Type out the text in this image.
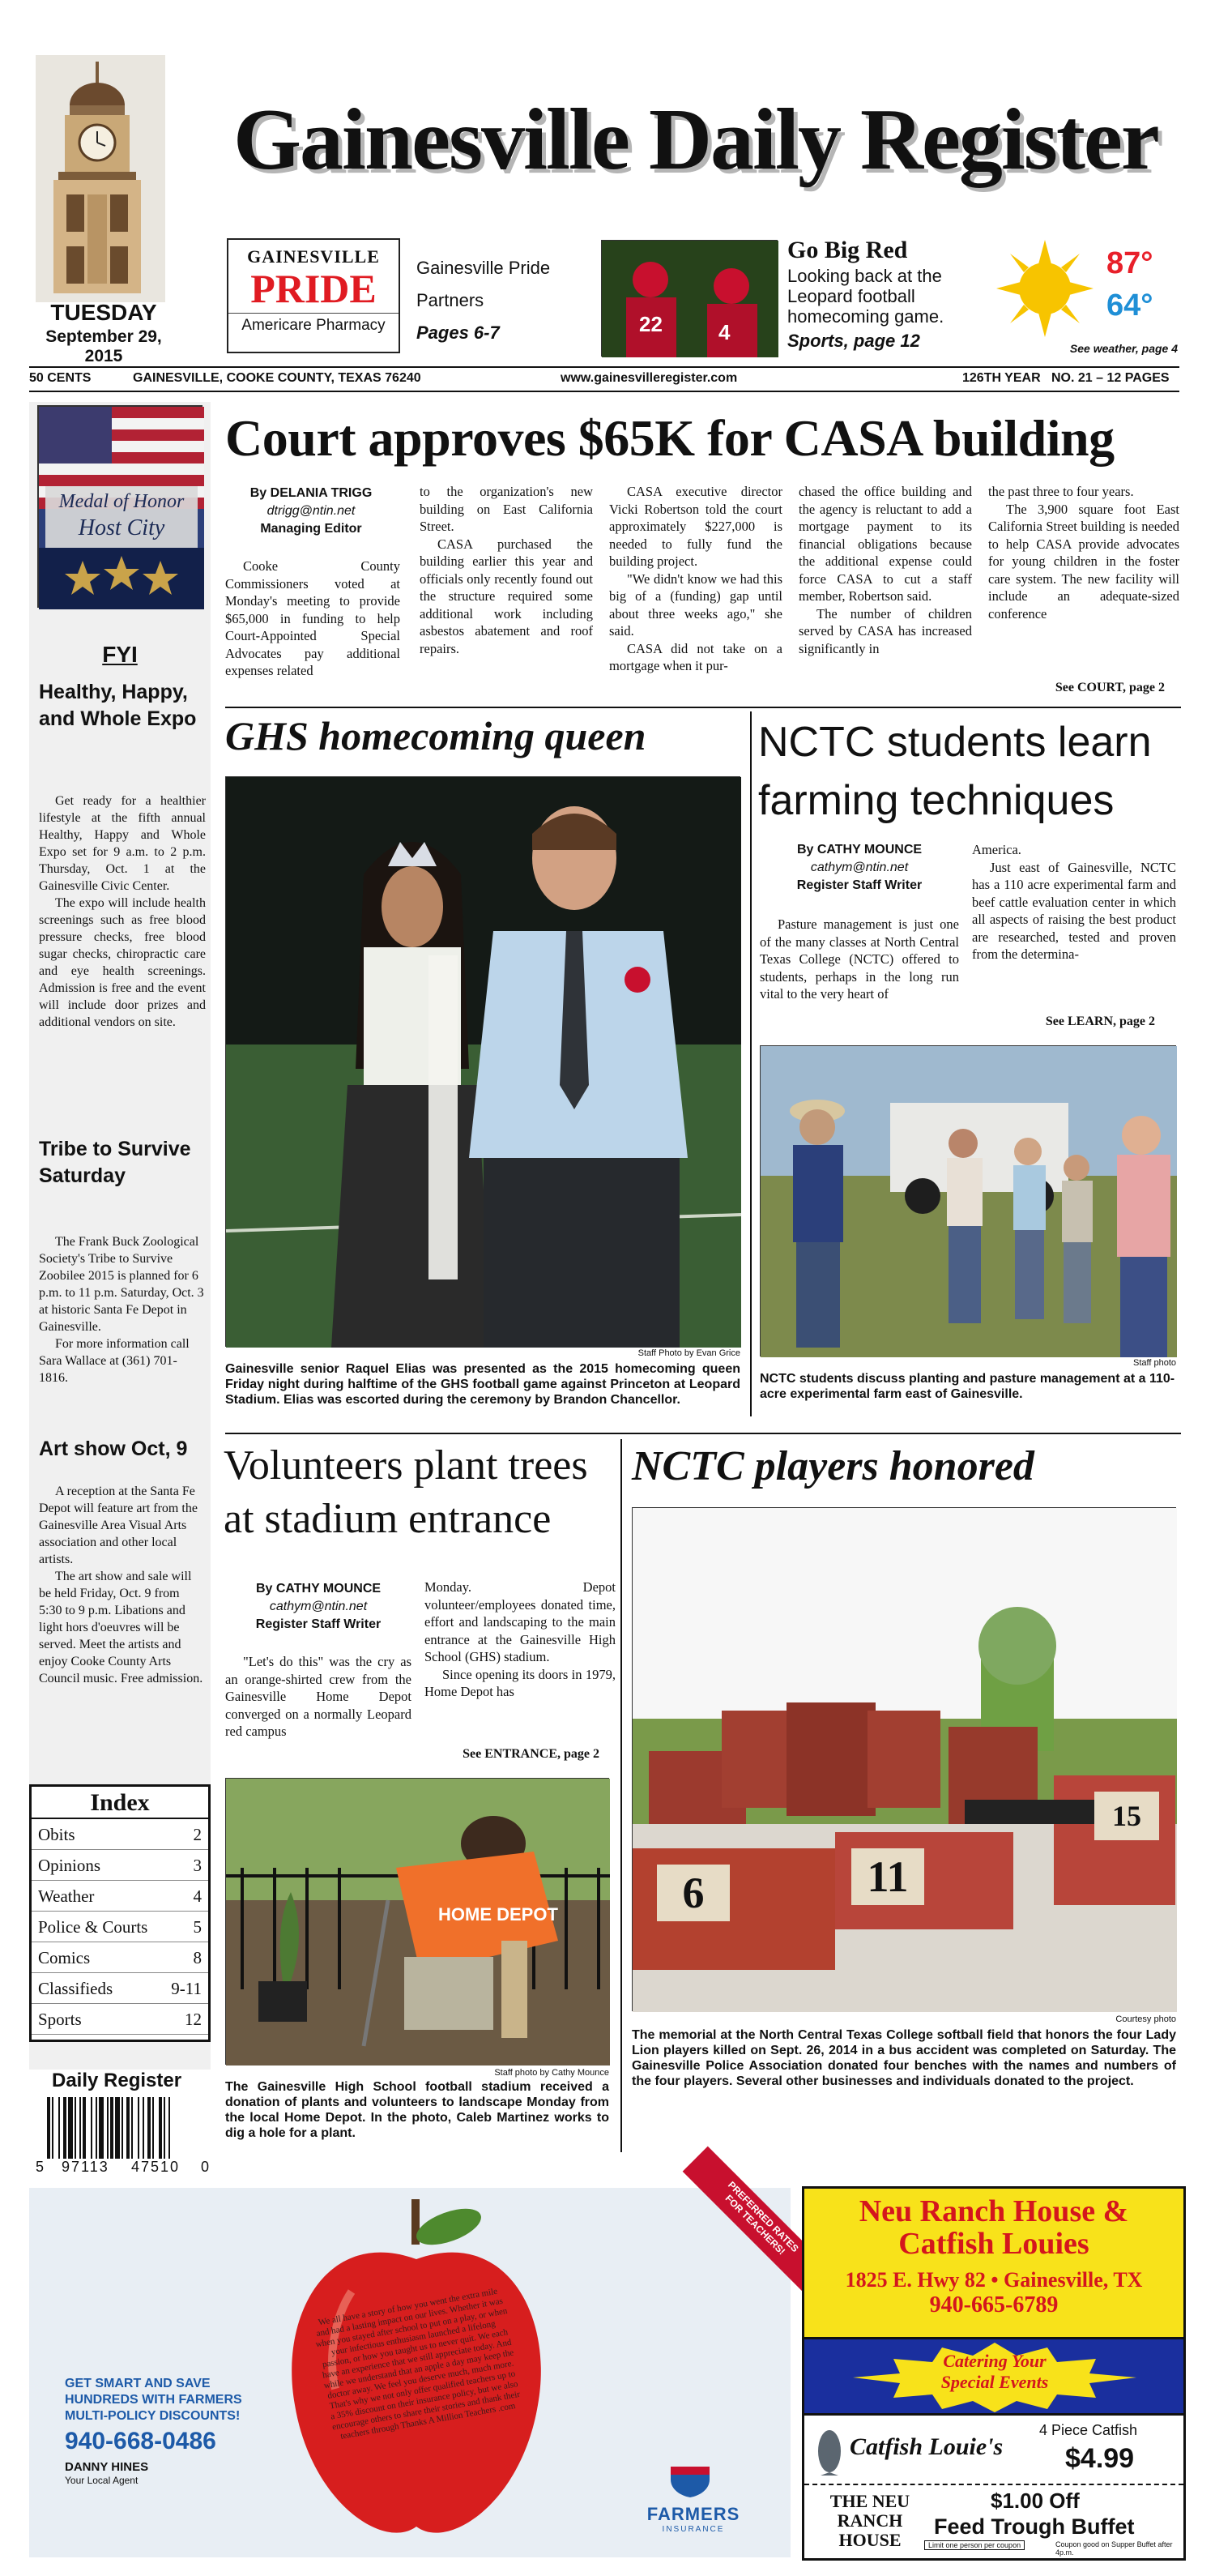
TUESDAY
September 29, 2015
Gainesville Daily Register
GAINESVILLE
PRIDE
Americare Pharmacy
Gainesville Pride
Partners
Pages 6-7	22	4
Go Big Red
Looking back at the Leopard football homecoming game.
Sports, page 12
87°
64°
See weather, page 4
50 CENTS	GAINESVILLE, COOKE COUNTY, TEXAS 76240	www.gainesvilleregister.com	126TH YEAR NO. 21 – 12 PAGES
Medal of Honor
Host City
FYI
Healthy, Happy, and Whole Expo

Get ready for a healthier lifestyle at the fifth annual Healthy, Happy and Whole Expo set for 9 a.m. to 2 p.m. Thursday, Oct. 1 at the Gainesville Civic Center.

The expo will include health screenings such as free blood pressure checks, free blood sugar checks, chiropractic care and eye health screenings. Admission is free and the event will include door prizes and additional vendors on site.

Tribe to Survive Saturday

The Frank Buck Zoological Society's Tribe to Survive Zoobilee 2015 is planned for 6 p.m. to 11 p.m. Saturday, Oct. 3 at historic Santa Fe Depot in Gainesville.

For more information call Sara Wallace at (361) 701-1816.

Art show Oct, 9

A reception at the Santa Fe Depot will feature art from the Gainesville Area Visual Arts association and other local artists.

The art show and sale will be held Friday, Oct. 9 from 5:30 to 9 p.m. Libations and light hors d'oeuvres will be served. Meet the artists and enjoy Cooke County Arts Council music. Free admission.

Index
Obits	2
Opinions	3
Weather	4
Police & Courts	5
Comics	8
Classifieds	9-11
Sports	12
Daily Register
5 97113 47510 0
Court approves $65K for CASA building
By DELANIA TRIGG
dtrigg@ntin.net
Managing Editor

Cooke County Commissioners voted at Monday's meeting to provide $65,000 in funding to help Court-Appointed Special Advocates pay additional expenses related

to the organization's new building on East California Street.

CASA purchased the building earlier this year and officials only recently found out the structure required some additional work including asbestos abatement and roof repairs.

CASA executive director Vicki Robertson told the court approximately $227,000 is needed to fully fund the building project.

"We didn't know we had this big of a (funding) gap until about three weeks ago," she said.

CASA did not take on a mortgage when it pur-

chased the office building and the agency is reluctant to add a mortgage payment to its financial obligations because the additional expense could force CASA to cut a staff member, Robertson said.

The number of children served by CASA has increased significantly in

the past three to four years.

The 3,900 square foot East California Street building is needed to help CASA provide advocates for young children in the foster care system. The new facility will include an adequate-sized conference

See COURT, page 2
GHS homecoming queen
Staff Photo by Evan Grice
Gainesville senior Raquel Elias was presented as the 2015 homecoming queen Friday night during halftime of the GHS football game against Princeton at Leopard Stadium. Elias was escorted during the ceremony by Brandon Chancellor.
NCTC students learn farming techniques
By CATHY MOUNCE
cathym@ntin.net
Register Staff Writer

Pasture management is just one of the many classes at North Central Texas College (NCTC) offered to students, perhaps in the long run vital to the very heart of

America.

Just east of Gainesville, NCTC has a 110 acre experimental farm and beef cattle evaluation center in which all aspects of raising the best product are researched, tested and proven from the determina-

See LEARN, page 2
Staff photo
NCTC students discuss planting and pasture management at a 110-acre experimental farm east of Gainesville.
Volunteers plant trees at stadium entrance
By CATHY MOUNCE
cathym@ntin.net
Register Staff Writer

"Let's do this" was the cry as an orange-shirted crew from the Gainesville Home Depot converged on a normally Leopard red campus

Monday. Depot volunteer/employees donated time, effort and landscaping to the main entrance at the Gainesville High School (GHS) stadium.

Since opening its doors in 1979, Home Depot has

See ENTRANCE, page 2
HOME DEPOT
Staff photo by Cathy Mounce
The Gainesville High School football stadium received a donation of plants and volunteers to landscape Monday from the local Home Depot. In the photo, Caleb Martinez works to dig a hole for a plant.
NCTC players honored
6	11
15
Courtesy photo
The memorial at the North Central Texas College softball field that honors the four Lady Lion players killed on Sept. 26, 2014 in a bus accident was completed on Saturday. The Gainesville Police Association donated four benches with the names and numbers of the four players. Several other businesses and individuals donated to the project.
We all have a story of how you went the extra mile and had a lasting impact on our lives. Whether it was when you stayed after school to put on a play, or when your infectious enthusiasm launched a lifelong passion, or how you taught us to never quit. We each have an experience that we still appreciate today. And while we understand that an apple a day may keep the doctor away. We feel you deserve much, much more. That's why we not only offer qualified teachers up to a 35% discount on their insurance policy, but we also encourage others to share their stories and thank their teachers through Thanks A Million Teachers .com
GET SMART AND SAVE HUNDREDS WITH FARMERS MULTI-POLICY DISCOUNTS!
940-668-0486
DANNY HINES
Your Local Agent
PREFERRED RATES FOR TEACHERS!
FARMERS
INSURANCE
Neu Ranch House & Catfish Louies
1825 E. Hwy 82 • Gainesville, TX
940-665-6789
Catering Your Special Events
Catfish Louie's
4 Piece Catfish
$4.99
THE NEU RANCH HOUSE
$1.00 Off
Feed Trough Buffet
Limit one person per coupon	Coupon good on Supper Buffet after 4p.m.
